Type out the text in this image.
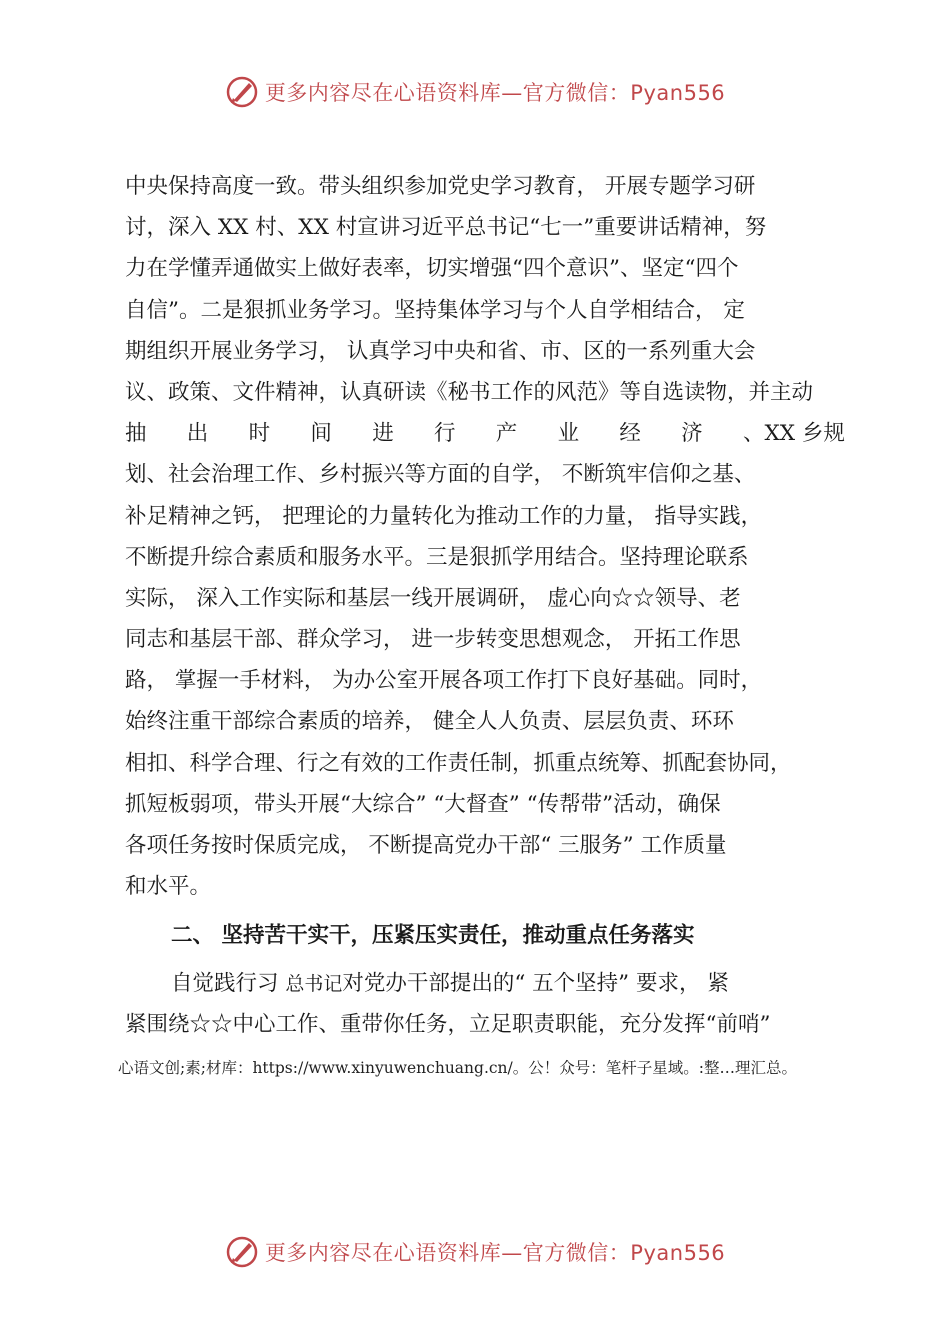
更多内容尽在心语资料库—官方微信：Pyan556
中央保持高度一致。带头组织参加党史学习教育， 开展专题学习研
讨，深入 XX 村、XX 村宣讲习近平总书记“七一”重要讲话精神，努
力在学懂弄通做实上做好表率，切实增强“四个意识”、坚定“四个
自信”。二是狠抓业务学习。坚持集体学习与个人自学相结合， 定
期组织开展业务学习， 认真学习中央和省、市、区的一系列重大会
议、政策、文件精神，认真研读《秘书工作的风范》等自选读物，并主动
抽 出 时 间 进 行 产 业 经 济 、XX 乡规
划、社会治理工作、乡村振兴等方面的自学， 不断筑牢信仰之基、
补足精神之钙， 把理论的力量转化为推动工作的力量， 指导实践，
不断提升综合素质和服务水平。三是狠抓学用结合。坚持理论联系
实际， 深入工作实际和基层一线开展调研， 虚心向☆☆领导、老
同志和基层干部、群众学习， 进一步转变思想观念， 开拓工作思
路， 掌握一手材料， 为办公室开展各项工作打下良好基础。同时，
始终注重干部综合素质的培养， 健全人人负责、层层负责、环环
相扣、科学合理、行之有效的工作责任制，抓重点统筹、抓配套协同，
抓短板弱项，带头开展“大综合” “大督查” “传帮带”活动，确保
各项任务按时保质完成， 不断提高党办干部“ 三服务” 工作质量
和水平。
二、 坚持苦干实干，压紧压实责任，推动重点任务落实
自觉践行习 总书记对党办干部提出的“ 五个坚持” 要求， 紧
紧围绕☆☆中心工作、重带你任务，立足职责职能，充分发挥“前哨”
心语文创;素;材库：https://www.xinyuwenchuang.cn/。公！众号：笔杆子星域。:整…理汇总。
更多内容尽在心语资料库—官方微信：Pyan556
